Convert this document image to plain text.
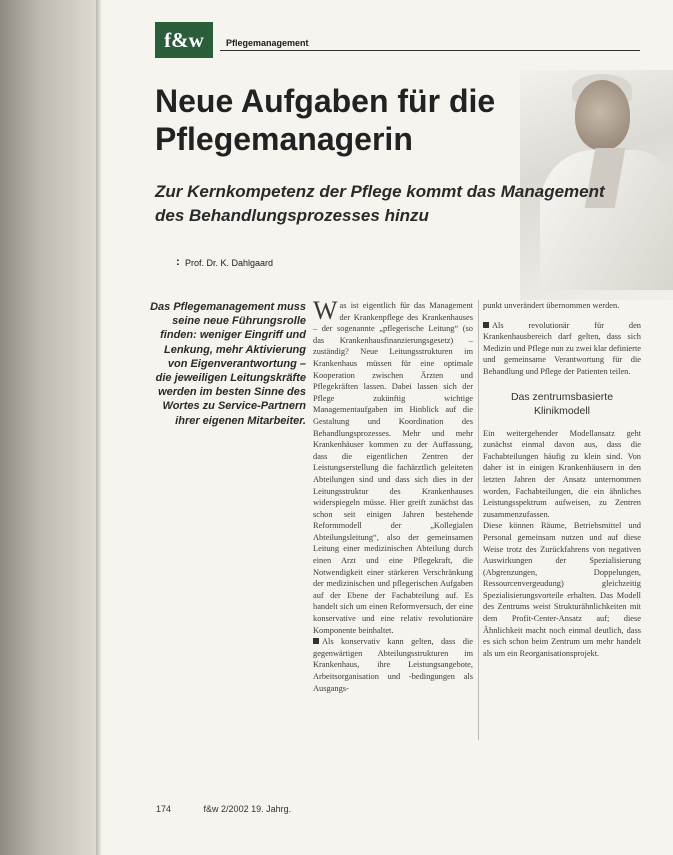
f&w	Pflegemanagement
Neue Aufgaben für die Pflegemanagerin
Zur Kernkompetenz der Pflege kommt das Management des Behandlungsprozesses hinzu
: Prof. Dr. K. Dahlgaard
Das Pflegemanagement muss seine neue Führungsrolle finden: weniger Eingriff und Lenkung, mehr Aktivierung von Eigenverantwortung – die jeweiligen Leitungskräfte werden im besten Sinne des Wortes zu Service-Partnern ihrer eigenen Mitarbeiter.

Was ist eigentlich für das Management der Krankenpflege des Krankenhauses – der sogenannte „pflegerische Leitung“ (so das Krankenhausfinanzierungsgesetz) – zuständig? Neue Leitungsstrukturen im Krankenhaus müssen für eine optimale Kooperation zwischen Ärzten und Pflegekräften lassen. Dabei lassen sich der Pflege zukünftig wichtige Managementaufgaben im Hinblick auf die Gestaltung und Koordination des Behandlungsprozesses. Mehr und mehr Krankenhäuser kommen zu der Auffassung, dass die eigentlichen Zentren der Leistungserstellung die fachärztlich geleiteten Abteilungen sind und dass sich dies in der Leitungsstruktur des Krankenhauses widerspiegeln müsse. Hier greift zunächst das schon seit einigen Jahren bestehende Reformmodell der „Kollegialen Abteilungsleitung“, also der gemeinsamen Leitung einer medizinischen Abteilung durch einen Arzt und eine Pflegekraft, die Notwendigkeit einer stärkeren Verschränkung der medizinischen und pflegerischen Aufgaben auf der Ebene der Fachabteilung auf. Es handelt sich um einen Reformversuch, der eine konservative und eine relativ revolutionäre Komponente beinhaltet.

Als konservativ kann gelten, dass die gegenwärtigen Abteilungsstrukturen im Krankenhaus, ihre Leistungsangebote, Arbeitsorganisation und -bedingungen als Ausgangs-

punkt unverändert übernommen werden.

Als revolutionär für den Krankenhausbereich darf gelten, dass sich Medizin und Pflege nun zu zwei klar definierte und gemeinsame Verantwortung für die Behandlung und Pflege der Patienten teilen.

Das zentrumsbasierte Klinikmodell

Ein weitergehender Modellansatz geht zunächst einmal davon aus, dass die Fachabteilungen häufig zu klein sind. Von daher ist in einigen Krankenhäusern in den letzten Jahren der Ansatz unternommen worden, Fachabteilungen, die ein ähnliches Leistungsspektrum aufweisen, zu Zentren zusammenzufassen.

Diese können Räume, Betriebsmittel und Personal gemeinsam nutzen und auf diese Weise trotz des Zurückfahrens von negativen Auswirkungen der Spezialisierung (Abgrenzungen, Doppelungen, Ressourcenvergeudung) gleichzeitig Spezialisierungsvorteile erhalten. Das Modell des Zentrums weist Strukturähnlichkeiten mit dem Profit-Center-Ansatz auf; diese Ähnlichkeit macht noch einmal deutlich, dass es sich schon beim Zentrum um mehr handelt als um ein Reorganisationsprojekt.

174	f&w 2/2002 19. Jahrg.
